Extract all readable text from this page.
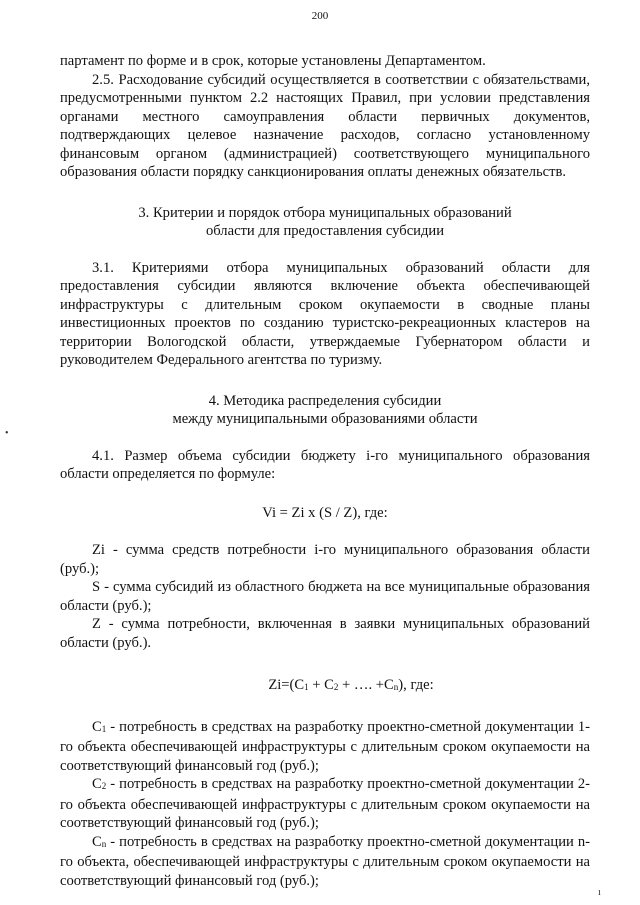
200
•
ı

партамент по форме и в срок, которые установлены Департаментом.

2.5. Расходование субсидий осуществляется в соответствии с обязательствами, предусмотренными пунктом 2.2 настоящих Правил, при условии представления органами местного самоуправления области первичных документов, подтверждающих целевое назначение расходов, согласно установленному финансовым органом (администрацией) соответствующего муниципального образования области порядку санкционирования оплаты денежных обязательств.

3. Критерии и порядок отбора муниципальных образований

области для предоставления субсидии

3.1. Критериями отбора муниципальных образований области для предоставления субсидии являются включение объекта обеспечивающей инфраструктуры с длительным сроком окупаемости в сводные планы инвестиционных проектов по созданию туристско-рекреационных кластеров на территории Вологодской области, утверждаемые Губернатором области и руководителем Федерального агентства по туризму.

4. Методика распределения субсидии

между муниципальными образованиями области

4.1. Размер объема субсидии бюджету i-го муниципального образования области определяется по формуле:

Vi = Zi x (S / Z), где:

Zi - сумма средств потребности i-го муниципального образования области (руб.);

S - сумма субсидий из областного бюджета на все муниципальные образования области (руб.);

Z - сумма потребности, включенная в заявки муниципальных образований области (руб.).

$Zi=(C_1 + C_2$ + …. $+C_n$), где:

$C_1$ - потребность в средствах на разработку проектно-сметной документации 1-го объекта обеспечивающей инфраструктуры с длительным сроком окупаемости на соответствующий финансовый год (руб.);

$C_2$ - потребность в средствах на разработку проектно-сметной документации 2-го объекта обеспечивающей инфраструктуры с длительным сроком окупаемости на соответствующий финансовый год (руб.);

$C_n$ - потребность в средствах на разработку проектно-сметной документации n-го объекта, обеспечивающей инфраструктуры с длительным сроком окупаемости на соответствующий финансовый год (руб.);
